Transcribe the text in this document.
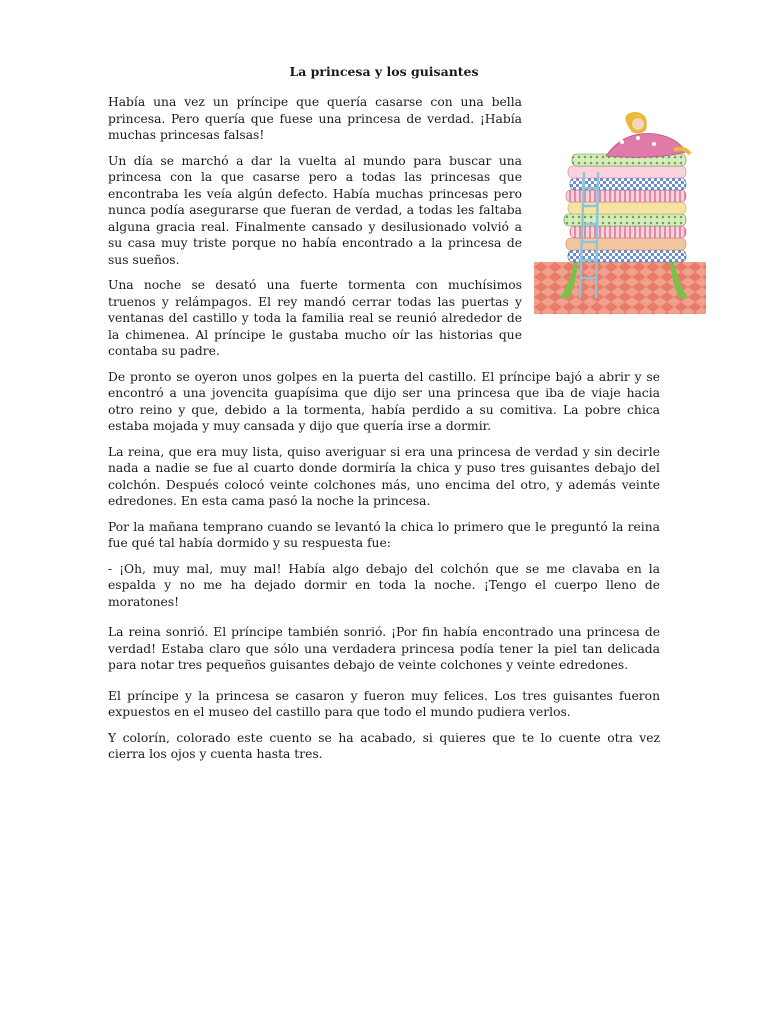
La princesa y los guisantes

Había una vez un príncipe que quería casarse con una bella princesa. Pero quería que fuese una princesa de verdad. ¡Había muchas princesas falsas!

Un día se marchó a dar la vuelta al mundo para buscar una princesa con la que casarse pero a todas las princesas que encontraba les veía algún defecto. Había muchas princesas pero nunca podía asegurarse que fueran de verdad, a todas les faltaba alguna gracia real. Finalmente cansado y desilusionado volvió a su casa muy triste porque no había encontrado a la princesa de sus sueños.

Una noche se desató una fuerte tormenta con muchísimos truenos y relámpagos. El rey mandó cerrar todas las puertas y ventanas del castillo y toda la familia real se reunió alrededor de la chimenea. Al príncipe le gustaba mucho oír las historias que contaba su padre.

De pronto se oyeron unos golpes en la puerta del castillo. El príncipe bajó a abrir y se encontró a una jovencita guapísima que dijo ser una princesa que iba de viaje hacia otro reino y que, debido a la tormenta, había perdido a su comitiva. La pobre chica estaba mojada y muy cansada y dijo que quería irse a dormir.

La reina, que era muy lista, quiso averiguar si era una princesa de verdad y sin decirle nada a nadie se fue al cuarto donde dormiría la chica y puso tres guisantes debajo del colchón. Después colocó veinte colchones más, uno encima del otro, y además veinte edredones. En esta cama pasó la noche la princesa.

Por la mañana temprano cuando se levantó la chica lo primero que le preguntó la reina fue qué tal había dormido y su respuesta fue:

- ¡Oh, muy mal, muy mal! Había algo debajo del colchón que se me clavaba en la espalda y no me ha dejado dormir en toda la noche. ¡Tengo el cuerpo lleno de moratones!

La reina sonrió. El príncipe también sonrió. ¡Por fin había encontrado una princesa de verdad! Estaba claro que sólo una verdadera princesa podía tener la piel tan delicada para notar tres pequeños guisantes debajo de veinte colchones y veinte edredones.

El príncipe y la princesa se casaron y fueron muy felices. Los tres guisantes fueron expuestos en el museo del castillo para que todo el mundo pudiera verlos.

Y colorín, colorado este cuento se ha acabado, si quieres que te lo cuente otra vez cierra los ojos y cuenta hasta tres.
